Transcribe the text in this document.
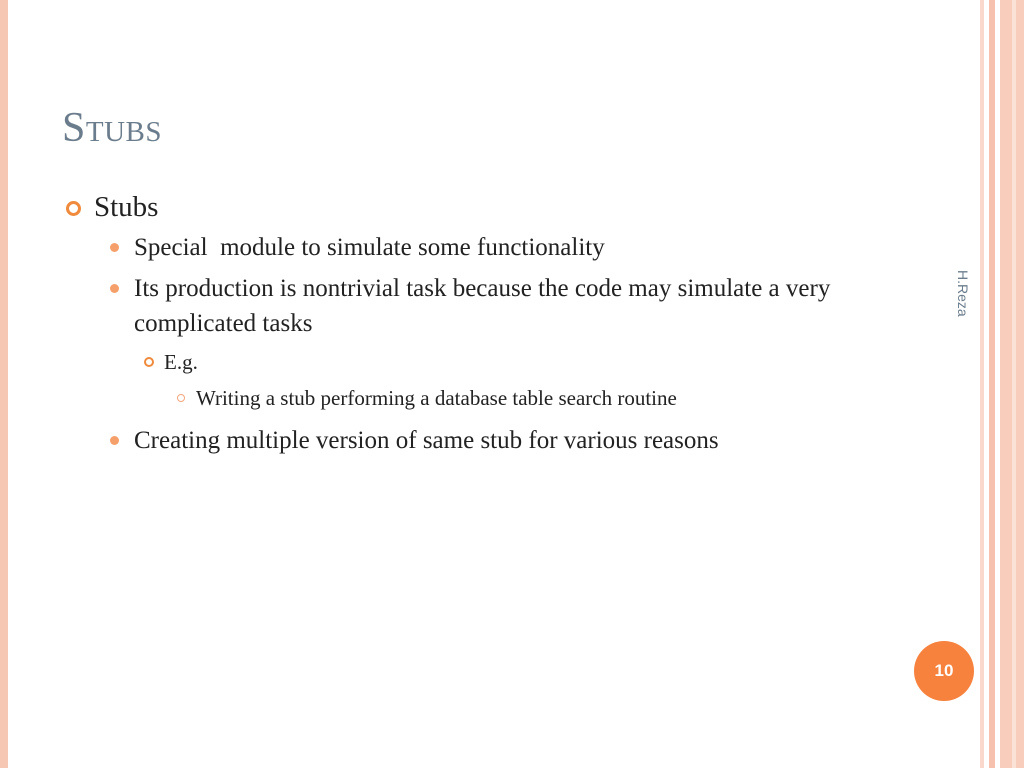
Stubs
Stubs
Special  module to simulate some functionality
Its production is nontrivial task because the code may simulate a very  complicated tasks
E.g.
Writing a stub performing a database table search routine
Creating multiple version of same stub for various reasons
H.Reza
10
